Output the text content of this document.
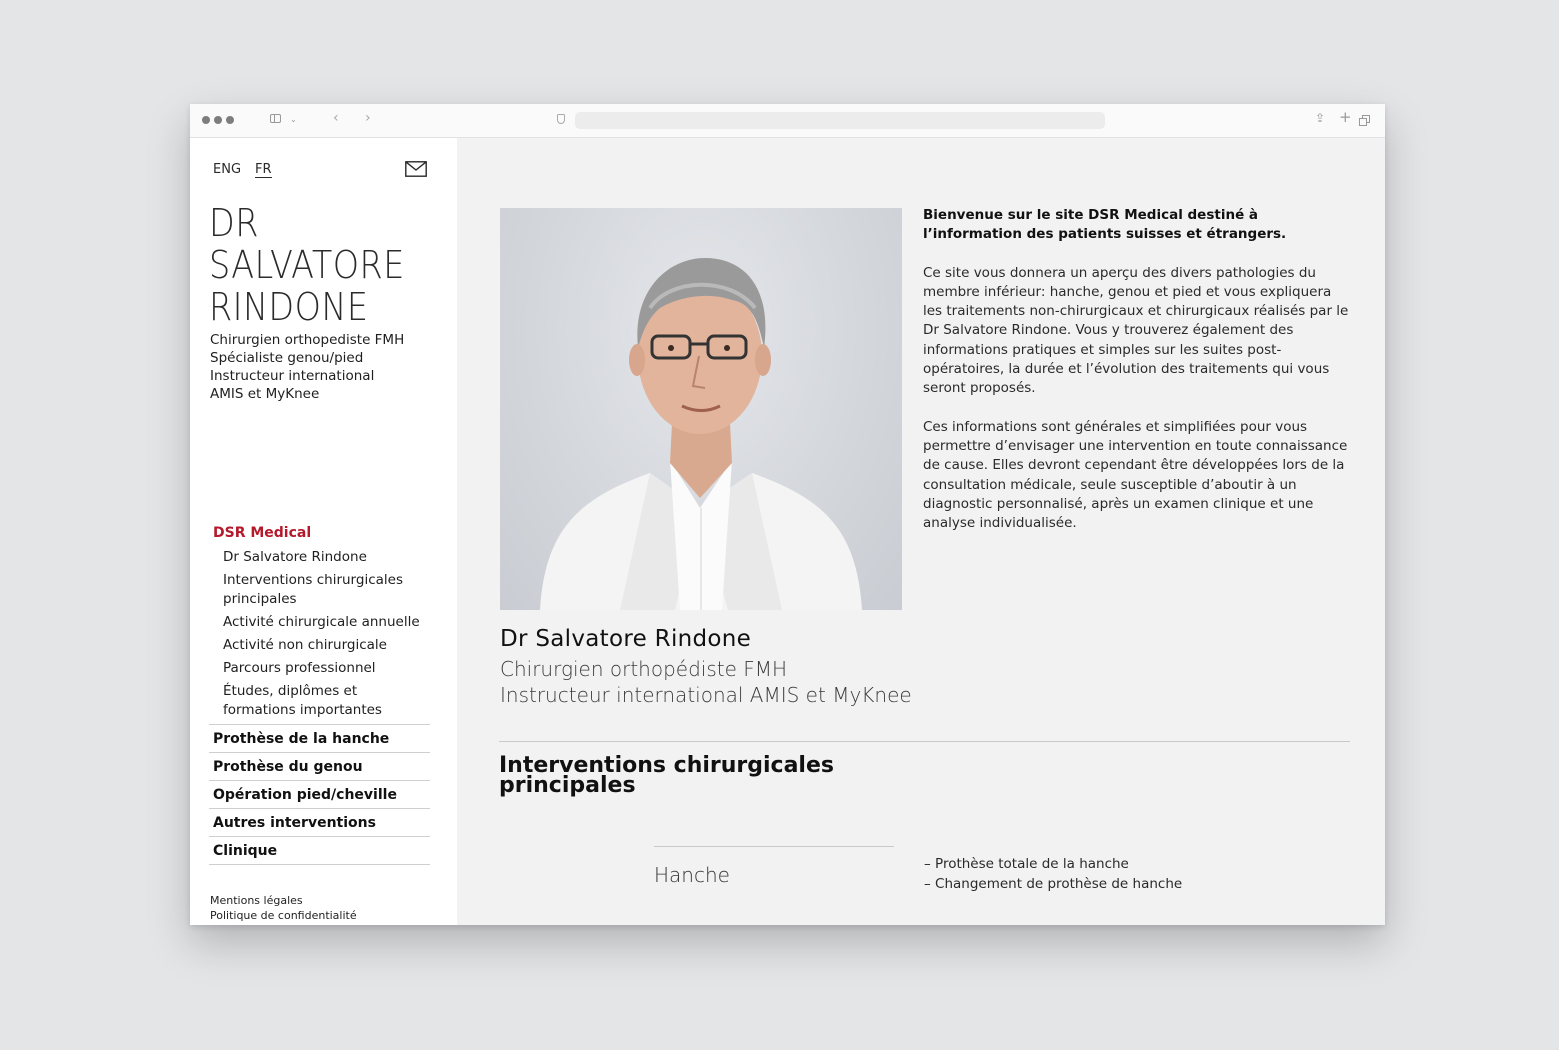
⌄	‹ ›	⇪ +
ENG FR
DR
SALVATORE
RINDONE
Chirurgien orthopediste FMH
Spécialiste genou/pied
Instructeur international
AMIS et MyKnee
DSR Medical
Dr Salvatore Rindone
Interventions chirurgicales principales
Activité chirurgicale annuelle
Activité non chirurgicale
Parcours professionnel
Études, diplômes et formations importantes
Prothèse de la hanche
Prothèse du genou
Opération pied/cheville
Autres interventions
Clinique
Mentions légales
Politique de confidentialité
Bienvenue sur le site DSR Medical destiné à l’information des patients suisses et étrangers.

Ce site vous donnera un aperçu des divers pathologies du membre inférieur: hanche, genou et pied et vous expliquera les traitements non-chirurgicaux et chirurgicaux réalisés par le Dr Salvatore Rindone. Vous y trouverez également des informations pratiques et simples sur les suites post-opératoires, la durée et l’évolution des traitements qui vous seront proposés.

Ces informations sont générales et simplifiées pour vous permettre d’envisager une intervention en toute connaissance de cause. Elles devront cependant être développées lors de la consultation médicale, seule susceptible d’aboutir à un diagnostic personnalisé, après un examen clinique et une analyse individualisée.

Dr Salvatore Rindone
Chirurgien orthopédiste FMH
Instructeur international AMIS et MyKnee
Interventions chirurgicales principales
Hanche	– Prothèse totale de la hanche
– Changement de prothèse de hanche
